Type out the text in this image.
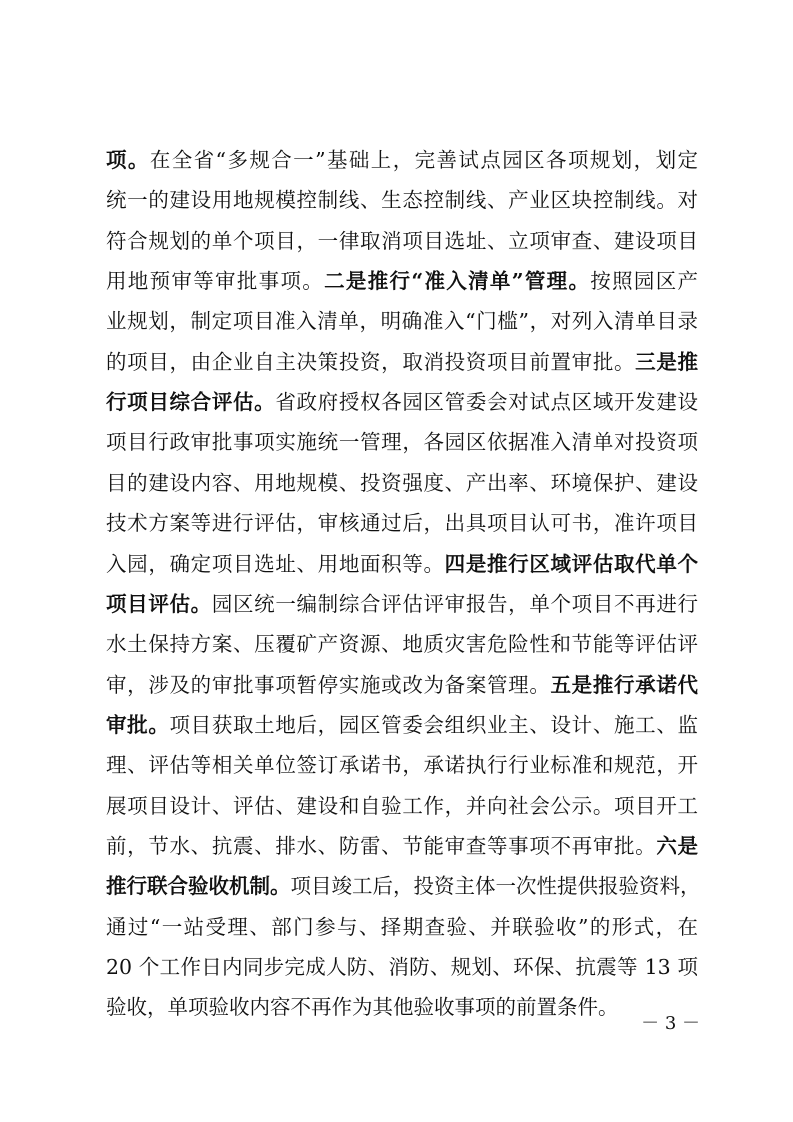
项。在全省“多规合一”基础上，完善试点园区各项规划，划定
统一的建设用地规模控制线、生态控制线、产业区块控制线。对
符合规划的单个项目，一律取消项目选址、立项审查、建设项目
用地预审等审批事项。二是推行“准入清单”管理。按照园区产
业规划，制定项目准入清单，明确准入“门槛”，对列入清单目录
的项目，由企业自主决策投资，取消投资项目前置审批。三是推
行项目综合评估。省政府授权各园区管委会对试点区域开发建设
项目行政审批事项实施统一管理，各园区依据准入清单对投资项
目的建设内容、用地规模、投资强度、产出率、环境保护、建设
技术方案等进行评估，审核通过后，出具项目认可书，准许项目
入园，确定项目选址、用地面积等。四是推行区域评估取代单个
项目评估。园区统一编制综合评估评审报告，单个项目不再进行
水土保持方案、压覆矿产资源、地质灾害危险性和节能等评估评
审，涉及的审批事项暂停实施或改为备案管理。五是推行承诺代
审批。项目获取土地后，园区管委会组织业主、设计、施工、监
理、评估等相关单位签订承诺书，承诺执行行业标准和规范，开
展项目设计、评估、建设和自验工作，并向社会公示。项目开工
前，节水、抗震、排水、防雷、节能审查等事项不再审批。六是
推行联合验收机制。项目竣工后，投资主体一次性提供报验资料，
通过“一站受理、部门参与、择期查验、并联验收”的形式，在
20 个工作日内同步完成人防、消防、规划、环保、抗震等 13 项
验收，单项验收内容不再作为其他验收事项的前置条件。
－ 3 －
